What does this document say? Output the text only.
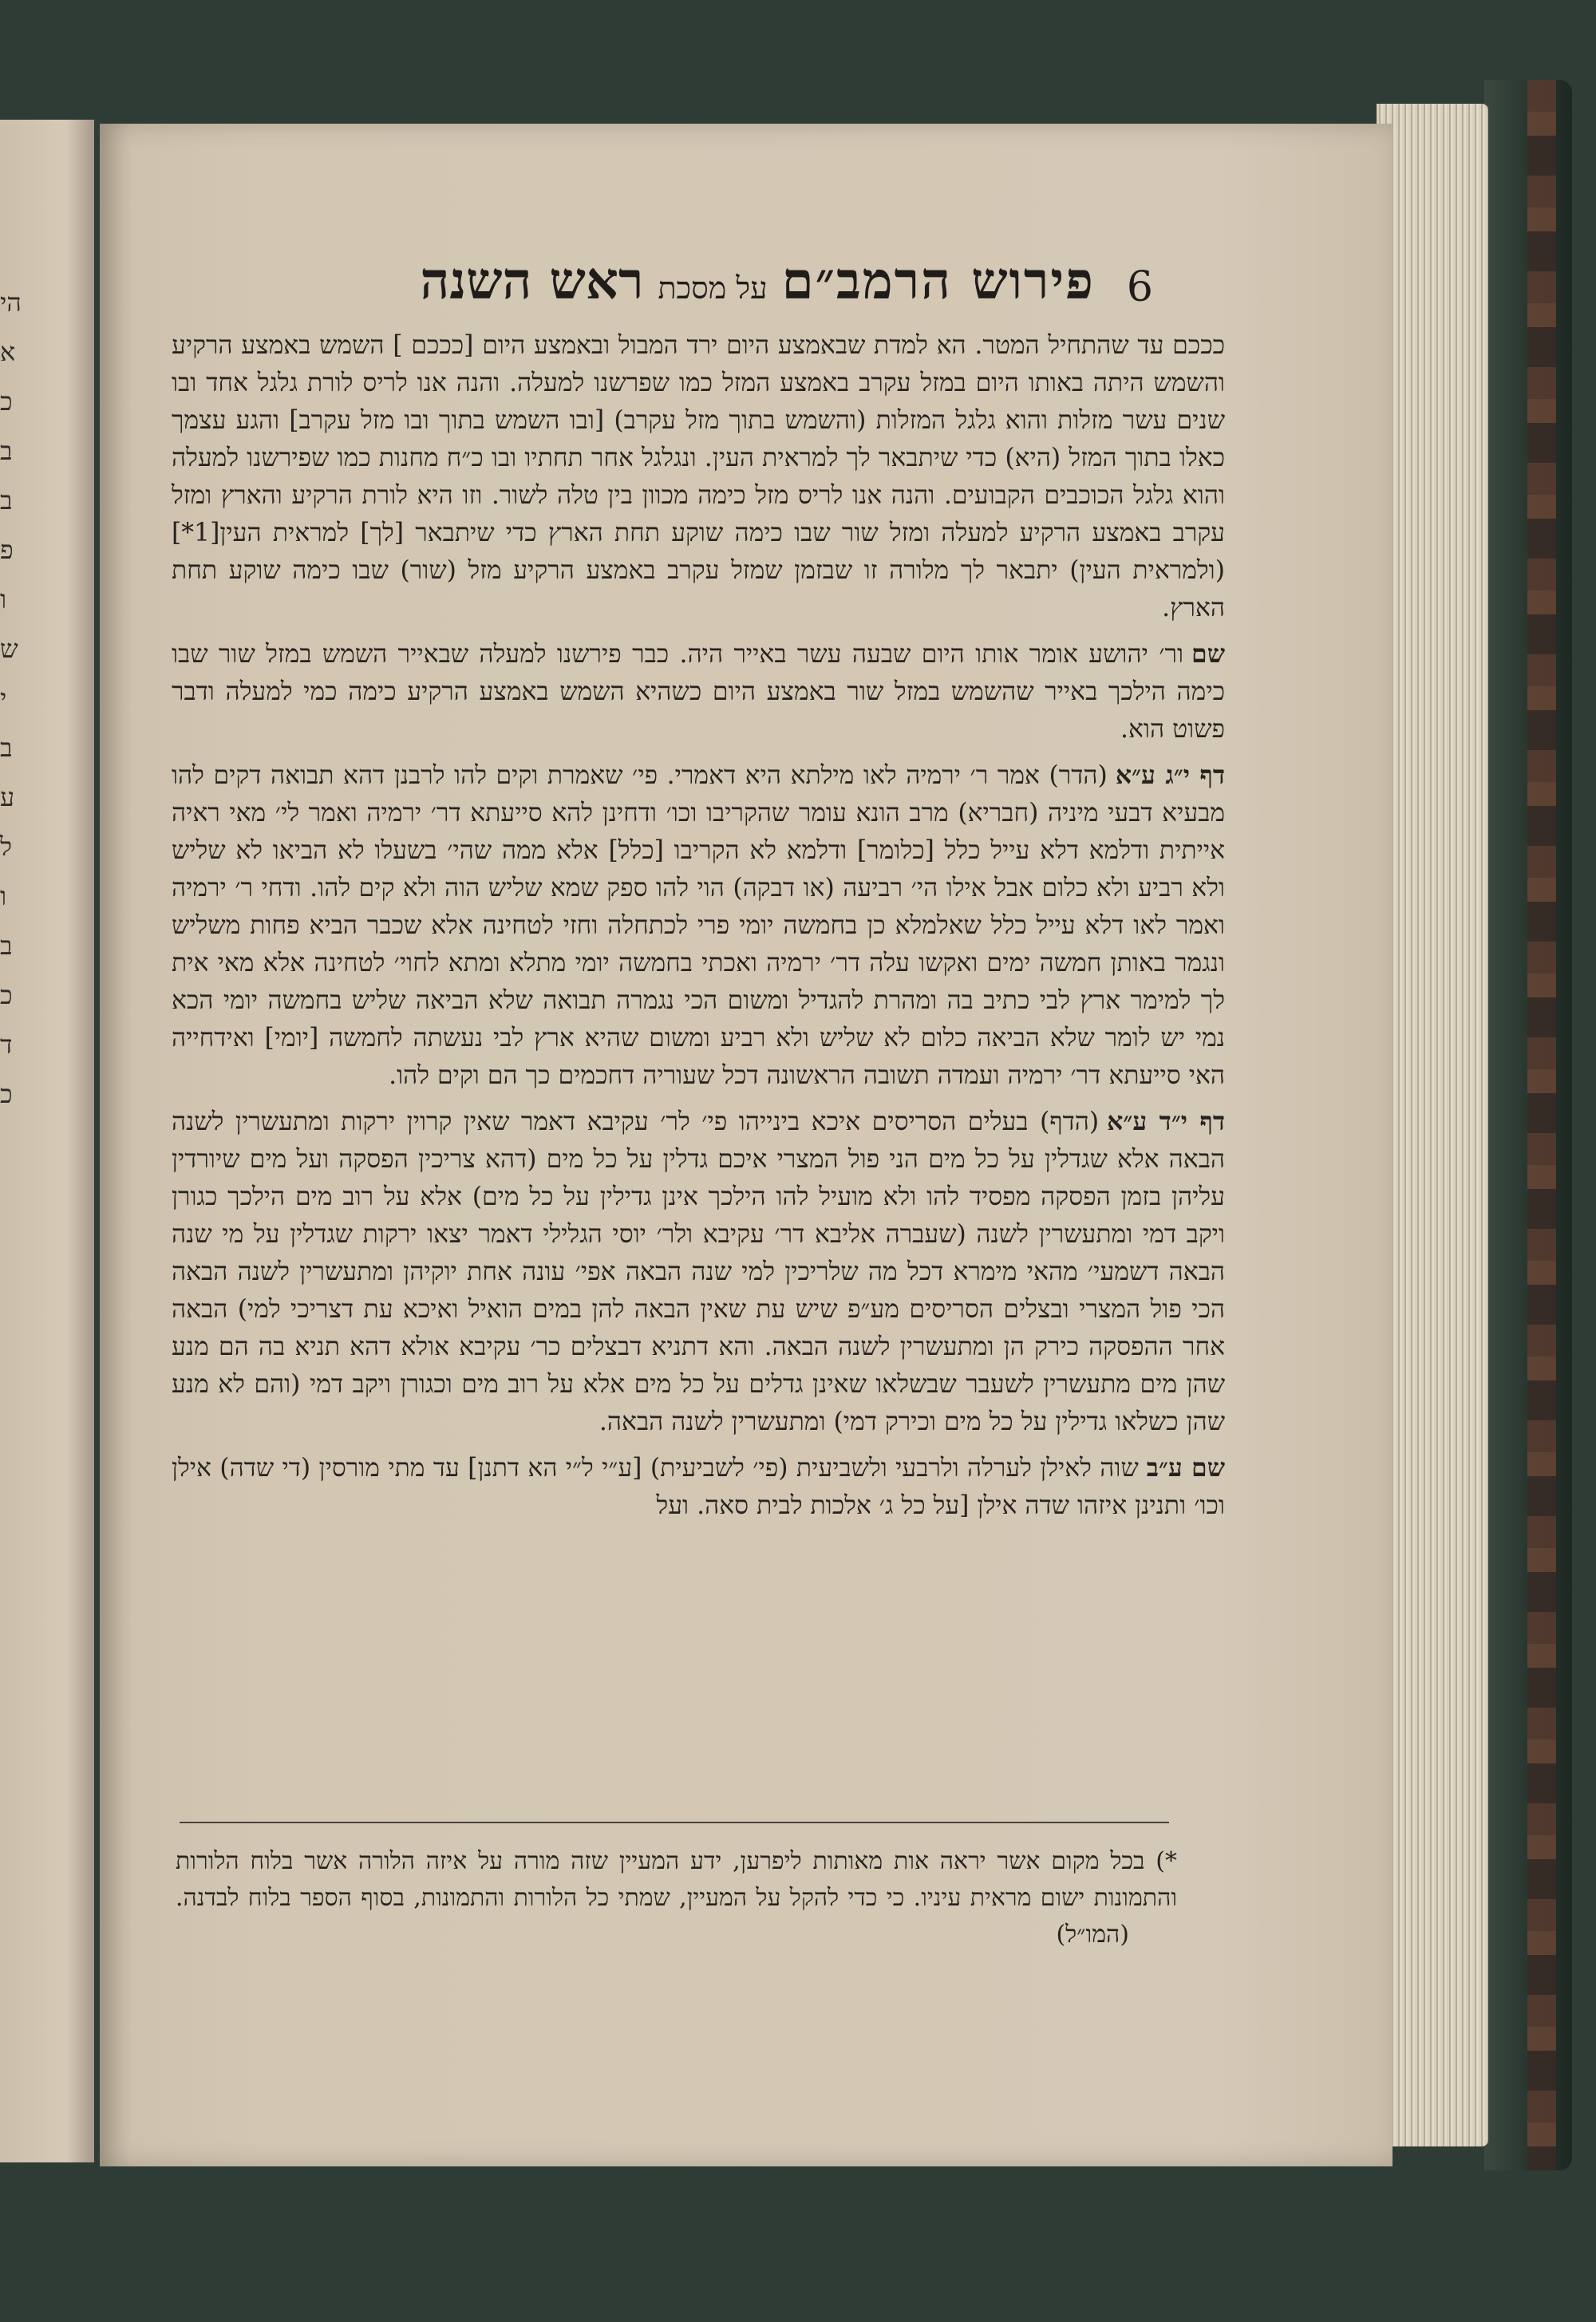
הי
א
כ
ב
ב
פ
ו
ש
י
ב
ע
ל
ו
ב
כ
ד
כ
6
פירוש הרמב״ם
על מסכת
ראש השנה

כככם עד שהתחיל המטר. הא למדת שבאמצע היום ירד המבול ובאמצע היום [כככם ] השמש באמצע הרקיע והשמש היתה באותו היום במזל עקרב באמצע המזל כמו שפרשנו למעלה. והנה אנו לריס לורת גלגל אחד ובו שנים עשר מזלות והוא גלגל המזלות (והשמש בתוך מזל עקרב) [ובו השמש בתוך ובו מזל עקרב] והגע עצמך כאלו בתוך המזל (היא) כדי שיתבאר לך למראית העין. ונגלגל אחר תחתיו ובו כ״ח מחנות כמו שפירשנו למעלה והוא גלגל הכוכבים הקבועים. והנה אנו לריס מזל כימה מכוון בין טלה לשור. וזו היא לורת הרקיע והארץ ומזל עקרב באמצע הרקיע למעלה ומזל שור שבו כימה שוקע תחת הארץ כדי שיתבאר [לך] למראית העין[1*] (ולמראית העין) יתבאר לך מלורה זו שבזמן שמזל עקרב באמצע הרקיע מזל (שור) שבו כימה שוקע תחת הארץ.

שםור׳ יהושע אומר אותו היום שבעה עשר באייר היה. כבר פירשנו למעלה שבאייר השמש במזל שור שבו כימה הילכך באייר שהשמש במזל שור באמצע היום כשהיא השמש באמצע הרקיע כימה כמי למעלה ודבר פשוט הוא.

דף י״ג ע״א(הדר) אמר ר׳ ירמיה לאו מילתא היא דאמרי. פי׳ שאמרת וקים להו לרבנן דהא תבואה דקים להו מבעיא דבעי מיניה (חבריא) מרב הונא עומר שהקריבו וכו׳ ודחינן להא סייעתא דר׳ ירמיה ואמר לי׳ מאי ראיה אייתית ודלמא דלא עייל כלל [כלומר] ודלמא לא הקריבו [כלל] אלא ממה שהי׳ בשעלו לא הביאו לא שליש ולא רביע ולא כלום אבל אילו הי׳ רביעה (או דבקה) הוי להו ספק שמא שליש הוה ולא קים להו. ודחי ר׳ ירמיה ואמר לאו דלא עייל כלל שאלמלא כן בחמשה יומי פרי לכתחלה וחזי לטחינה אלא שכבר הביא פחות משליש ונגמר באותן חמשה ימים ואקשו עלה דר׳ ירמיה ואכתי בחמשה יומי מתלא ומתא לחוי׳ לטחינה אלא מאי אית לך למימר ארץ לבי כתיב בה ומהרת להגדיל ומשום הכי נגמרה תבואה שלא הביאה שליש בחמשה יומי הכא נמי יש לומר שלא הביאה כלום לא שליש ולא רביע ומשום שהיא ארץ לבי נעשתה לחמשה [יומי] ואידחייה האי סייעתא דר׳ ירמיה ועמדה תשובה הראשונה דכל שעוריה דחכמים כך הם וקים להו.

דף י״ד ע״א(הדף) בעלים הסריסים איכא בינייהו פי׳ לר׳ עקיבא דאמר שאין קרוין ירקות ומתעשרין לשנה הבאה אלא שגדלין על כל מים הני פול המצרי איכם גדלין על כל מים (דהא צריכין הפסקה ועל מים שיורדין עליהן בזמן הפסקה מפסיד להו ולא מועיל להו הילכך אינן גדילין על כל מים) אלא על רוב מים הילכך כגורן ויקב דמי ומתעשרין לשנה (שעברה אליבא דר׳ עקיבא ולר׳ יוסי הגלילי דאמר יצאו ירקות שגדלין על מי שנה הבאה דשמעי׳ מהאי מימרא דכל מה שלריכין למי שנה הבאה אפי׳ עונה אחת יוקיהן ומתעשרין לשנה הבאה הכי פול המצרי ובצלים הסריסים מע״פ שיש עת שאין הבאה להן במים הואיל ואיכא עת דצריכי למי) הבאה אחר ההפסקה כירק הן ומתעשרין לשנה הבאה. והא דתניא דבצלים כר׳ עקיבא אולא דהא תניא בה הם מנע שהן מים מתעשרין לשעבר שבשלאו שאינן גדלים על כל מים אלא על רוב מים וכגורן ויקב דמי (והם לא מנע שהן כשלאו גדילין על כל מים וכירק דמי) ומתעשרין לשנה הבאה.

שם ע״בשוה לאילן לערלה ולרבעי ולשביעית (פי׳ לשביעית) [ע״י ל״י הא דתנן] עד מתי מורסין (די שדה) אילן וכו׳ ותנינן איזהו שדה אילן [על כל ג׳ אלכות לבית סאה. ועל

*) בכל מקום אשר יראה אות מאותות ליפרען, ידע המעיין שזה מורה על איזה הלורה אשר בלוח הלורות והתמונות ישום מראית עיניו. כי כדי להקל על המעיין, שמתי כל הלורות והתמונות, בסוף הספר בלוח לבדנה. (המו״ל)
